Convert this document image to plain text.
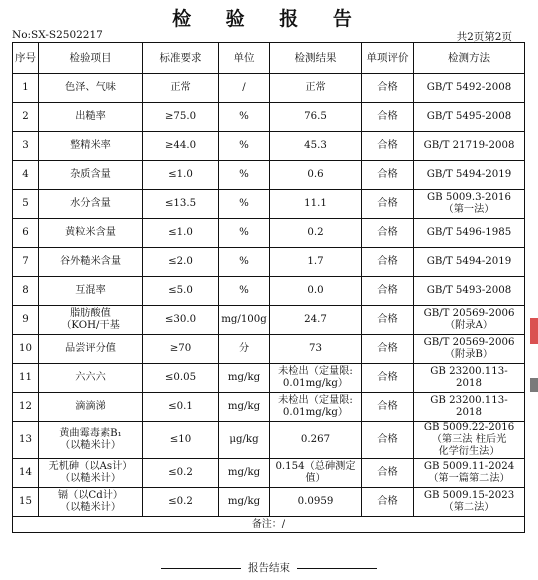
检 验 报 告
No:SX-S2502217	共2页第2页
序号	检验项目	标准要求	单位	检测结果	单项评价	检测方法
1	色泽、气味	正常	/	正常	合格	GB/T 5492-2008

2	出糙率	≥75.0	%	76.5	合格	GB/T 5495-2008

3	整精米率	≥44.0	%	45.3	合格	GB/T 21719-2008

4	杂质含量	≤1.0	%	0.6	合格	GB/T 5494-2019

5	水分含量	≤13.5	%	11.1	合格	GB 5009.3-2016
（第一法）

6	黄粒米含量	≤1.0	%	0.2	合格	GB/T 5496-1985

7	谷外糙米含量	≤2.0	%	1.7	合格	GB/T 5494-2019

8	互混率	≤5.0	%	0.0	合格	GB/T 5493-2008

9	脂肪酸值
（KOH/干基	≤30.0	mg/100g	24.7	合格	GB/T 20569-2006
（附录A）

10	品尝评分值	≥70	分	73	合格	GB/T 20569-2006
（附录B）

11	六六六	≤0.05	mg/kg	未检出（定量限:
0.01mg/kg）	合格	GB 23200.113-
2018

12	滴滴涕	≤0.1	mg/kg	未检出（定量限:
0.01mg/kg）	合格	GB 23200.113-
2018

13	黄曲霉毒素B₁
（以糙米计）	≤10	μg/kg	0.267	合格	GB 5009.22-2016
（第三法 柱后光
化学衍生法）

14	无机砷（以As计）
（以糙米计）	≤0.2	mg/kg	0.154（总砷测定
值）	合格	GB 5009.11-2024
（第一篇第二法）

15	镉（以Cd计）
（以糙米计）	≤0.2	mg/kg	0.0959	合格	GB 5009.15-2023
（第二法）

备注：/						
报告结束
